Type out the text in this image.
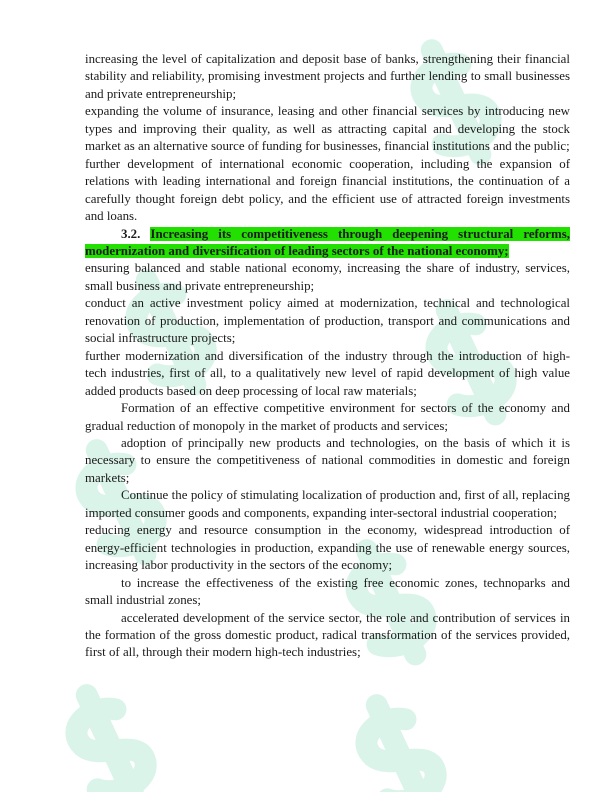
increasing the level of capitalization and deposit base of banks, strengthening their financial stability and reliability, promising investment projects and further lending to small businesses and private entrepreneurship;

expanding the volume of insurance, leasing and other financial services by introducing new types and improving their quality, as well as attracting capital and developing the stock market as an alternative source of funding for businesses, financial institutions and the public;

further development of international economic cooperation, including the expansion of relations with leading international and foreign financial institutions, the continuation of a carefully thought foreign debt policy, and the efficient use of attracted foreign investments and loans.

3.2. Increasing its competitiveness through deepening structural reforms, modernization and diversification of leading sectors of the national economy;

ensuring balanced and stable national economy, increasing the share of industry, services, small business and private entrepreneurship;

conduct an active investment policy aimed at modernization, technical and technological renovation of production, implementation of production, transport and communications and social infrastructure projects;

further modernization and diversification of the industry through the introduction of high-tech industries, first of all, to a qualitatively new level of rapid development of high value added products based on deep processing of local raw materials;

Formation of an effective competitive environment for sectors of the economy and gradual reduction of monopoly in the market of products and services;

adoption of principally new products and technologies, on the basis of which it is necessary to ensure the competitiveness of national commodities in domestic and foreign markets;

Continue the policy of stimulating localization of production and, first of all, replacing imported consumer goods and components, expanding inter-sectoral industrial cooperation;

reducing energy and resource consumption in the economy, widespread introduction of energy-efficient technologies in production, expanding the use of renewable energy sources, increasing labor productivity in the sectors of the economy;

to increase the effectiveness of the existing free economic zones, technoparks and small industrial zones;

accelerated development of the service sector, the role and contribution of services in the formation of the gross domestic product, radical transformation of the services provided, first of all, through their modern high-tech industries;
